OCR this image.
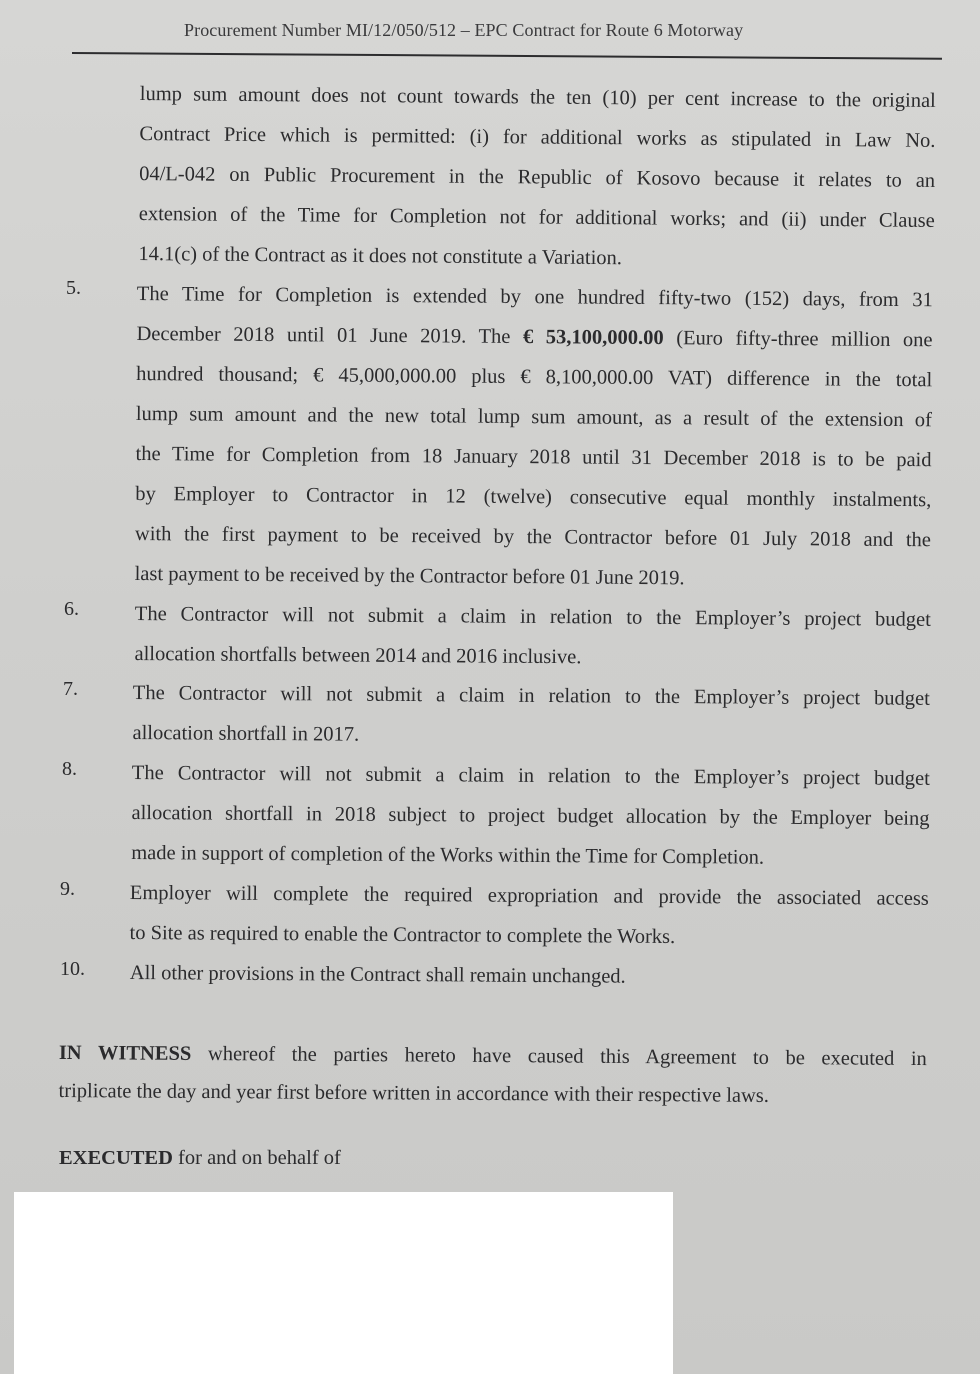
Procurement Number MI/12/050/512 – EPC Contract for Route 6 Motorway
lump sum amount does not count towards the ten (10) per cent increase to the original
Contract Price which is permitted: (i) for additional works as stipulated in Law No.
04/L-042 on Public Procurement in the Republic of Kosovo because it relates to an
extension of the Time for Completion not for additional works; and (ii) under Clause
14.1(c) of the Contract as it does not constitute a Variation.
5.	The Time for Completion is extended by one hundred fifty-two (152) days, from 31
December 2018 until 01 June 2019. The € 53,100,000.00 (Euro fifty-three million one
hundred thousand; € 45,000,000.00 plus € 8,100,000.00 VAT) difference in the total
lump sum amount and the new total lump sum amount, as a result of the extension of
the Time for Completion from 18 January 2018 until 31 December 2018 is to be paid
by Employer to Contractor in 12 (twelve) consecutive equal monthly instalments,
with the first payment to be received by the Contractor before 01 July 2018 and the
last payment to be received by the Contractor before 01 June 2019.
6.	The Contractor will not submit a claim in relation to the Employer’s project budget
allocation shortfalls between 2014 and 2016 inclusive.
7.	The Contractor will not submit a claim in relation to the Employer’s project budget
allocation shortfall in 2017.
8.	The Contractor will not submit a claim in relation to the Employer’s project budget
allocation shortfall in 2018 subject to project budget allocation by the Employer being
made in support of completion of the Works within the Time for Completion.
9.	Employer will complete the required expropriation and provide the associated access
to Site as required to enable the Contractor to complete the Works.
10. All other provisions in the Contract shall remain unchanged.
IN WITNESS whereof the parties hereto have caused this Agreement to be executed in
triplicate the day and year first before written in accordance with their respective laws.
EXECUTED for and on behalf of
